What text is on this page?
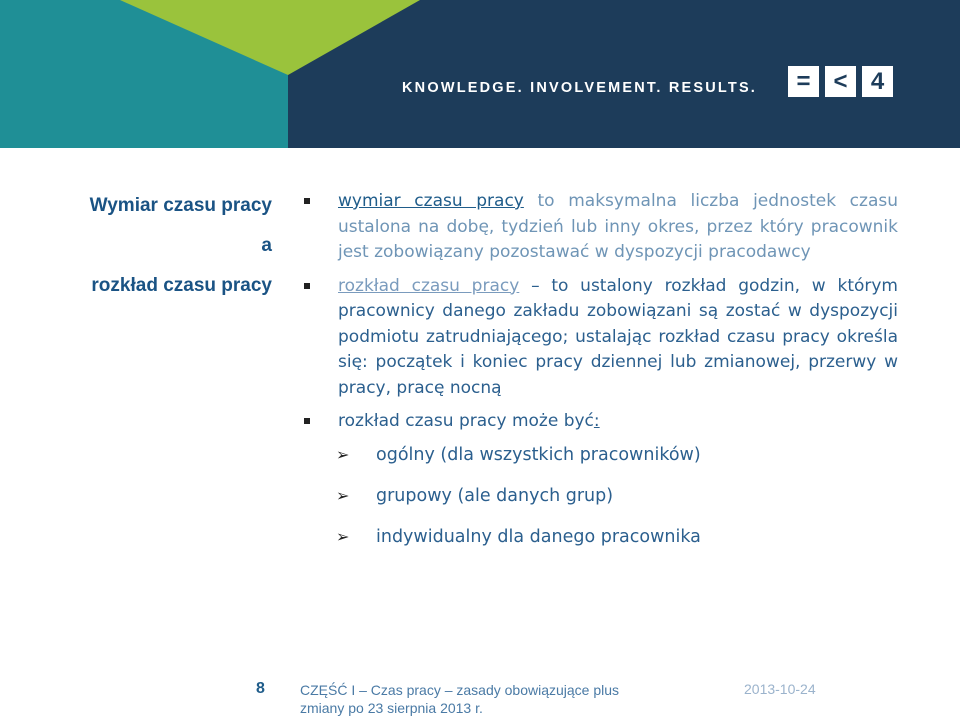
KNOWLEDGE. INVOLVEMENT. RESULTS.	= < 4
Wymiar czasu pracy
a
rozkład czasu pracy
wymiar czasu pracy to maksymalna liczba jednostek czasu ustalona na dobę, tydzień lub inny okres, przez który pracownik jest zobowiązany pozostawać w dyspozycji pracodawcy
rozkład czasu pracy – to ustalony rozkład godzin, w którym pracownicy danego zakładu zobowiązani są zostać w dyspozycji podmiotu zatrudniającego; ustalając rozkład czasu pracy określa się: początek i koniec pracy dziennej lub zmianowej, przerwy w pracy, pracę nocną
rozkład czasu pracy może być:
➢ ogólny (dla wszystkich pracowników)
➢ grupowy (ale danych grup)
➢ indywidualny dla danego pracownika
8	CZĘŚĆ I – Czas pracy – zasady obowiązujące plus
zmiany po 23 sierpnia 2013 r.
2013-10-24
